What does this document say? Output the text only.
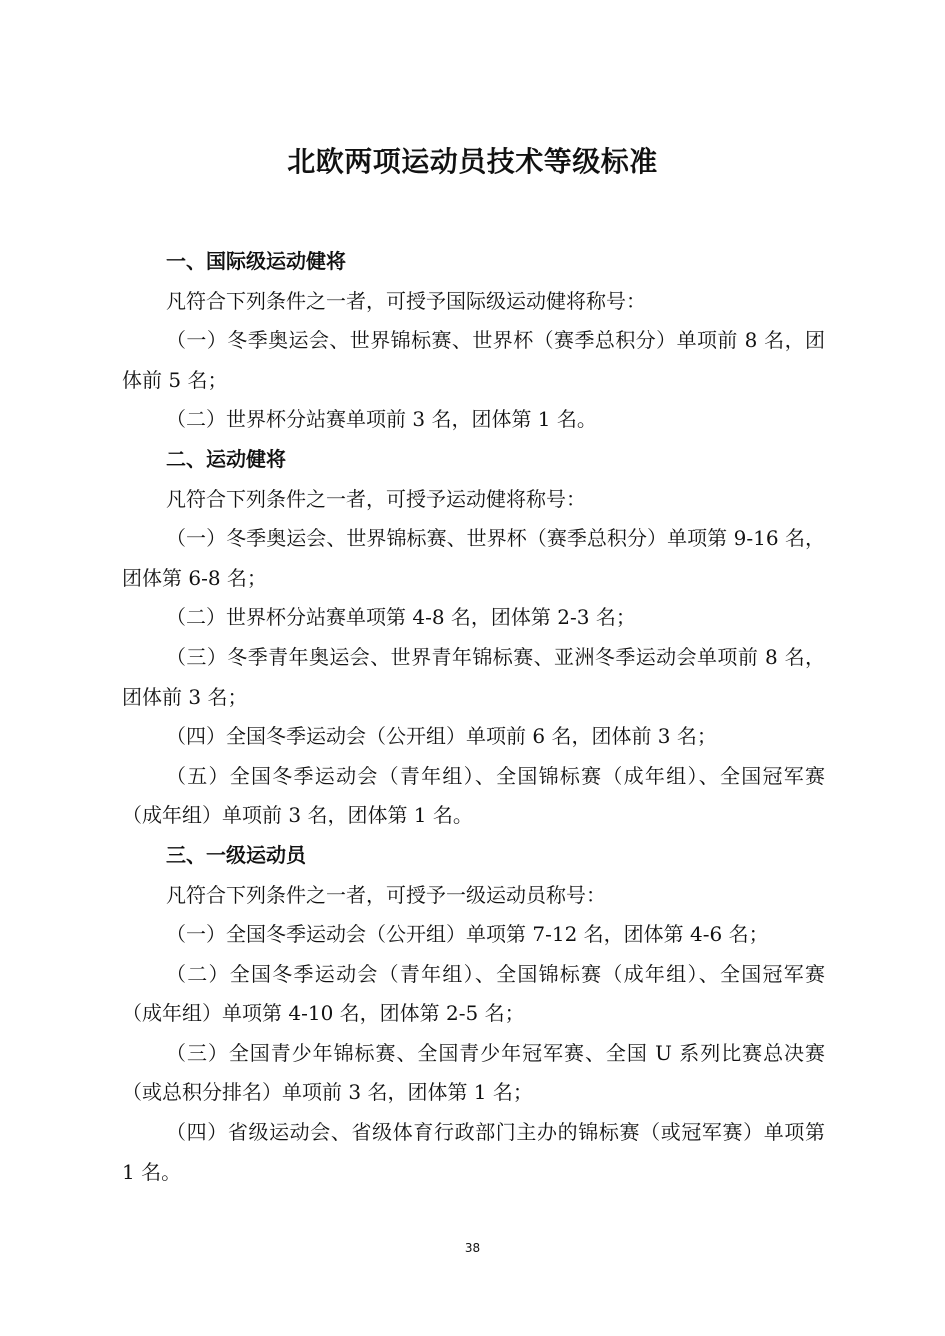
北欧两项运动员技术等级标准

一、国际级运动健将

凡符合下列条件之一者，可授予国际级运动健将称号：

（一）冬季奥运会、世界锦标赛、世界杯（赛季总积分）单项前 8 名，团体前 5 名；

（二）世界杯分站赛单项前 3 名，团体第 1 名。

二、运动健将

凡符合下列条件之一者，可授予运动健将称号：

（一）冬季奥运会、世界锦标赛、世界杯（赛季总积分）单项第 9-16 名，团体第 6-8 名；

（二）世界杯分站赛单项第 4-8 名，团体第 2-3 名；

（三）冬季青年奥运会、世界青年锦标赛、亚洲冬季运动会单项前 8 名，团体前 3 名；

（四）全国冬季运动会（公开组）单项前 6 名，团体前 3 名；

（五）全国冬季运动会（青年组）、全国锦标赛（成年组）、全国冠军赛（成年组）单项前 3 名，团体第 1 名。

三、一级运动员

凡符合下列条件之一者，可授予一级运动员称号：

（一）全国冬季运动会（公开组）单项第 7-12 名，团体第 4-6 名；

（二）全国冬季运动会（青年组）、全国锦标赛（成年组）、全国冠军赛（成年组）单项第 4-10 名，团体第 2-5 名；

（三）全国青少年锦标赛、全国青少年冠军赛、全国 U 系列比赛总决赛（或总积分排名）单项前 3 名，团体第 1 名；

（四）省级运动会、省级体育行政部门主办的锦标赛（或冠军赛）单项第 1 名。

38
